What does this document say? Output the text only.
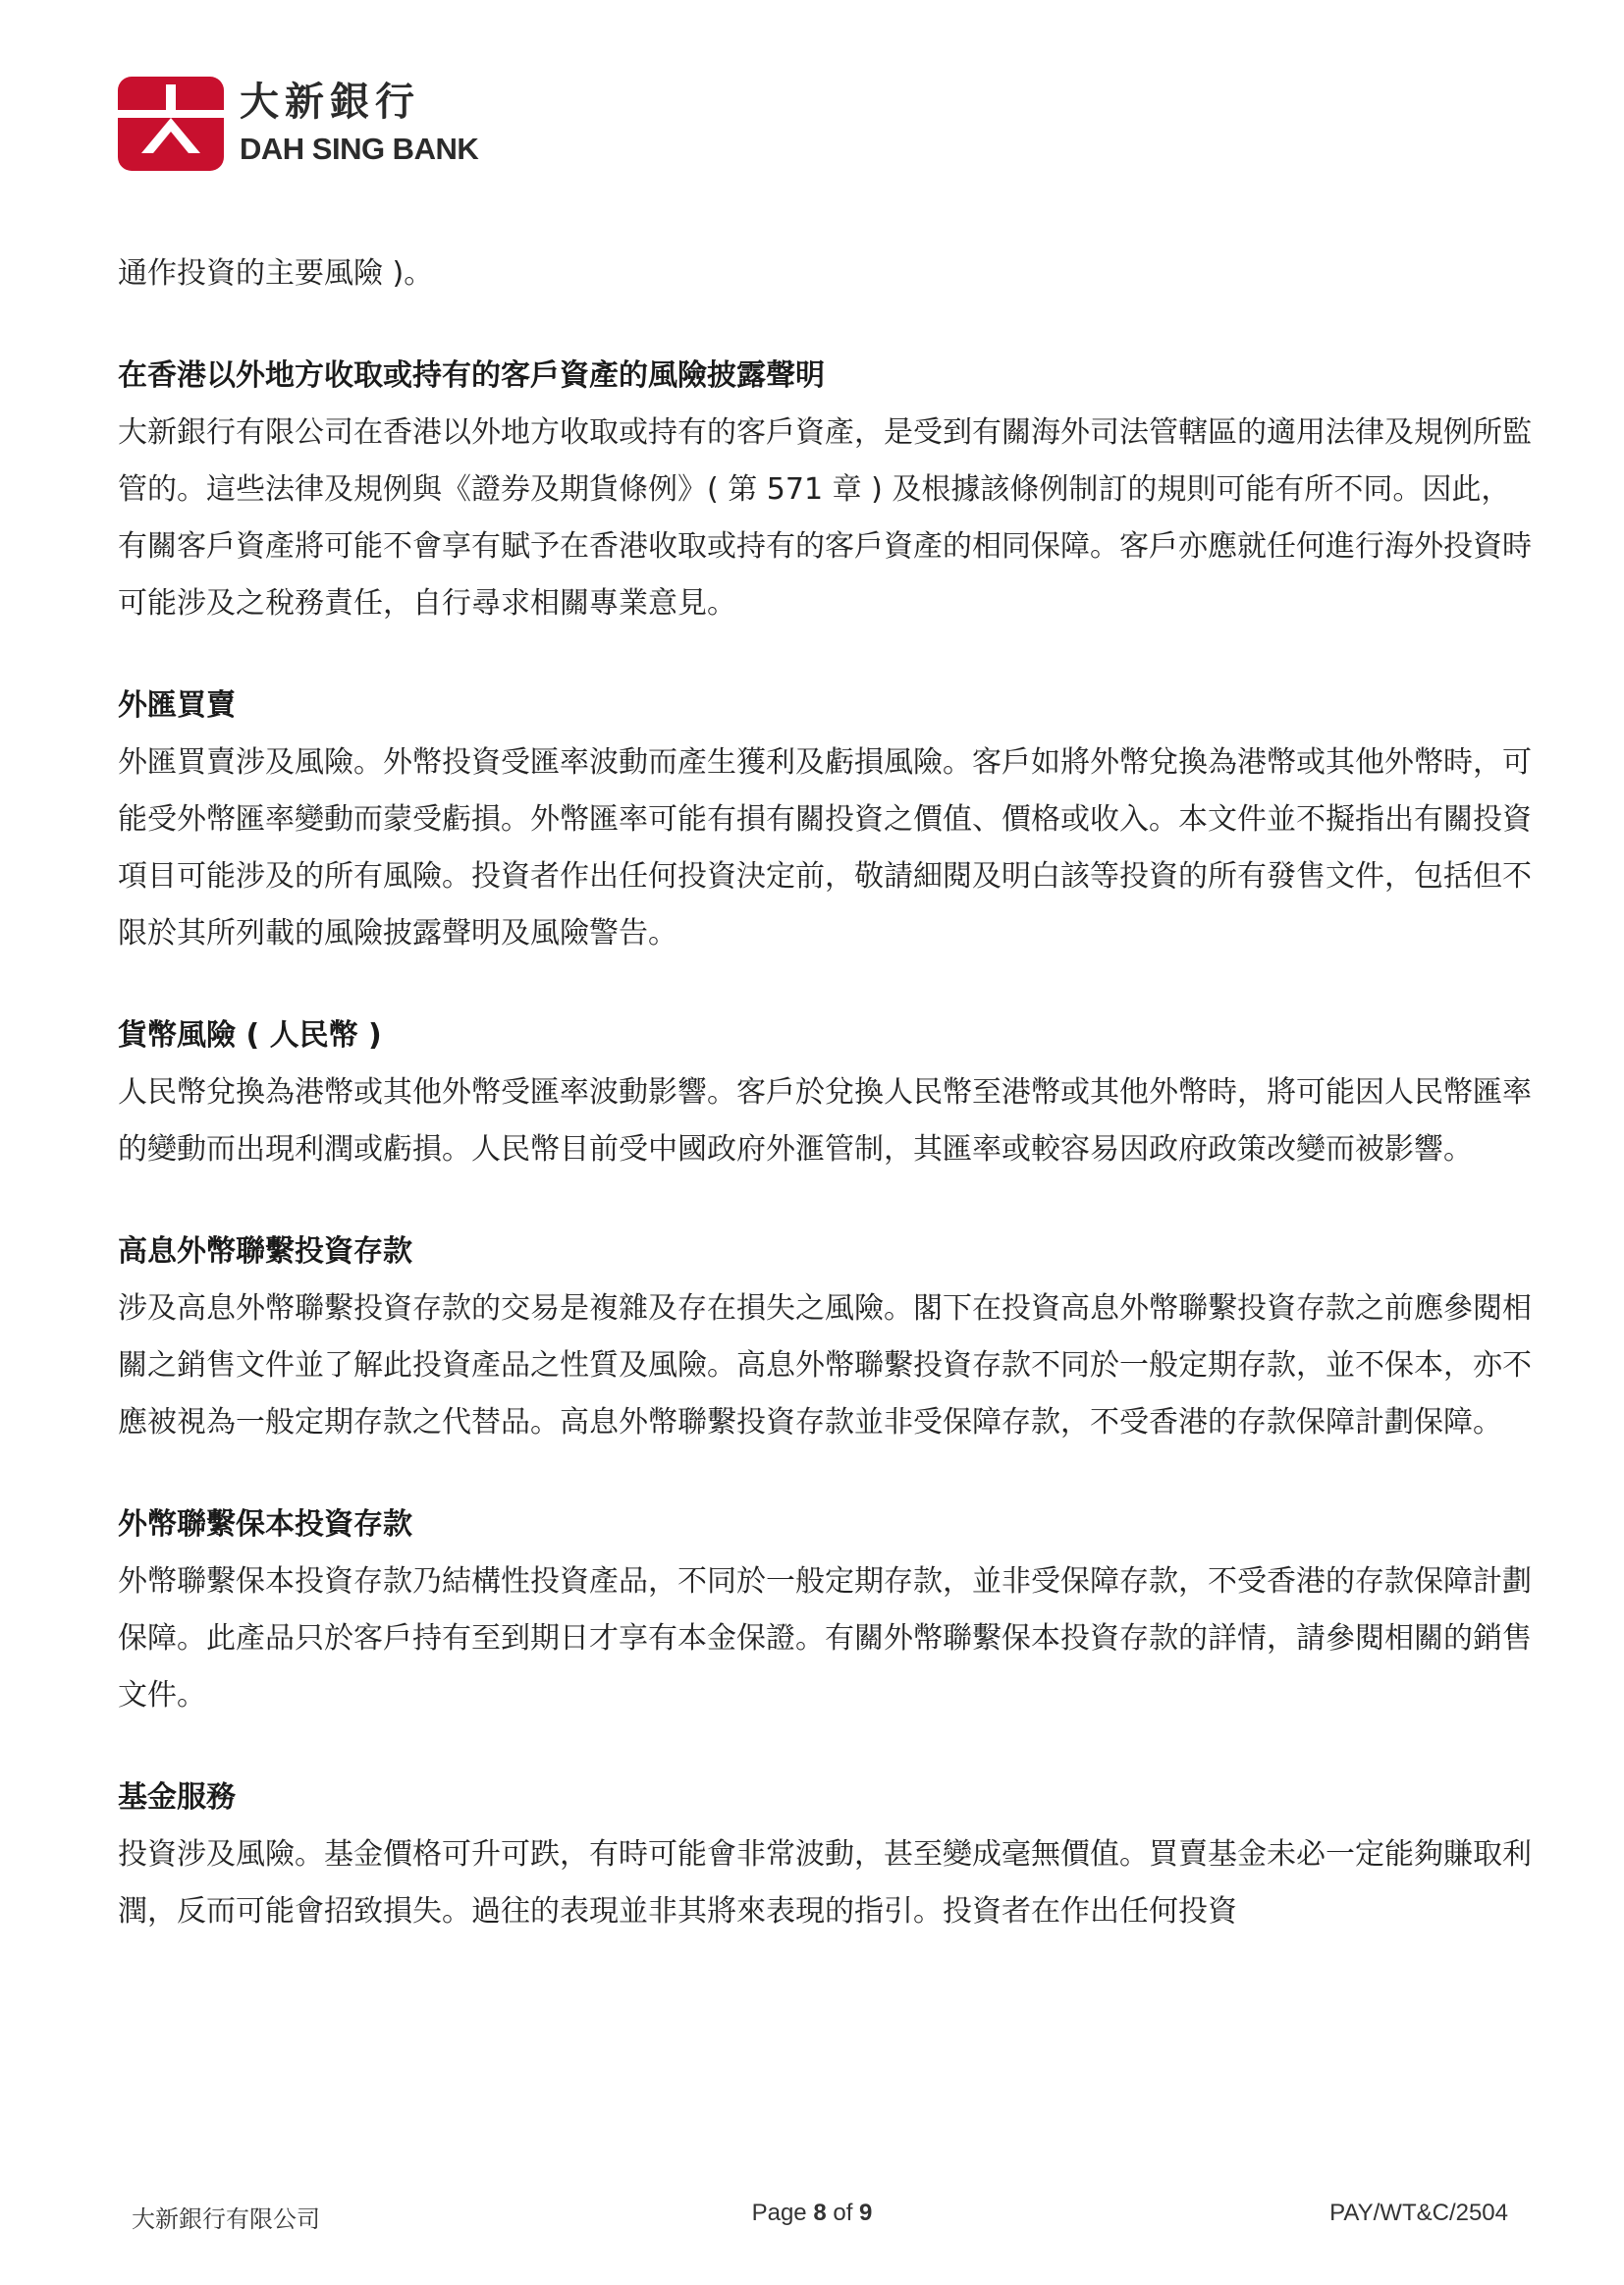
大新銀行
DAH SING BANK

通作投資的主要風險 )。

在香港以外地方收取或持有的客戶資產的風險披露聲明

大新銀行有限公司在香港以外地方收取或持有的客戶資產，是受到有關海外司法管轄區的適用法律及規例所監管的。這些法律及規例與《證券及期貨條例》( 第 571 章 ) 及根據該條例制訂的規則可能有所不同。因此，有關客戶資產將可能不會享有賦予在香港收取或持有的客戶資產的相同保障。客戶亦應就任何進行海外投資時可能涉及之稅務責任，自行尋求相關專業意見。

外匯買賣

外匯買賣涉及風險。外幣投資受匯率波動而產生獲利及虧損風險。客戶如將外幣兌換為港幣或其他外幣時，可能受外幣匯率變動而蒙受虧損。外幣匯率可能有損有關投資之價值、價格或收入。本文件並不擬指出有關投資項目可能涉及的所有風險。投資者作出任何投資決定前，敬請細閱及明白該等投資的所有發售文件，包括但不限於其所列載的風險披露聲明及風險警告。

貨幣風險 ( 人民幣 )

人民幣兌換為港幣或其他外幣受匯率波動影響。客戶於兌換人民幣至港幣或其他外幣時，將可能因人民幣匯率的變動而出現利潤或虧損。人民幣目前受中國政府外滙管制，其匯率或較容易因政府政策改變而被影響。

高息外幣聯繫投資存款

涉及高息外幣聯繫投資存款的交易是複雜及存在損失之風險。閣下在投資高息外幣聯繫投資存款之前應參閱相關之銷售文件並了解此投資產品之性質及風險。高息外幣聯繫投資存款不同於一般定期存款，並不保本，亦不應被視為一般定期存款之代替品。高息外幣聯繫投資存款並非受保障存款，不受香港的存款保障計劃保障。

外幣聯繫保本投資存款

外幣聯繫保本投資存款乃結構性投資產品，不同於一般定期存款，並非受保障存款，不受香港的存款保障計劃保障。此產品只於客戶持有至到期日才享有本金保證。有關外幣聯繫保本投資存款的詳情，請參閱相關的銷售文件。

基金服務

投資涉及風險。基金價格可升可跌，有時可能會非常波動，甚至變成毫無價值。買賣基金未必一定能夠賺取利潤，反而可能會招致損失。過往的表現並非其將來表現的指引。投資者在作出任何投資

大新銀行有限公司	Page 8 of 9	PAY/WT&C/2504
